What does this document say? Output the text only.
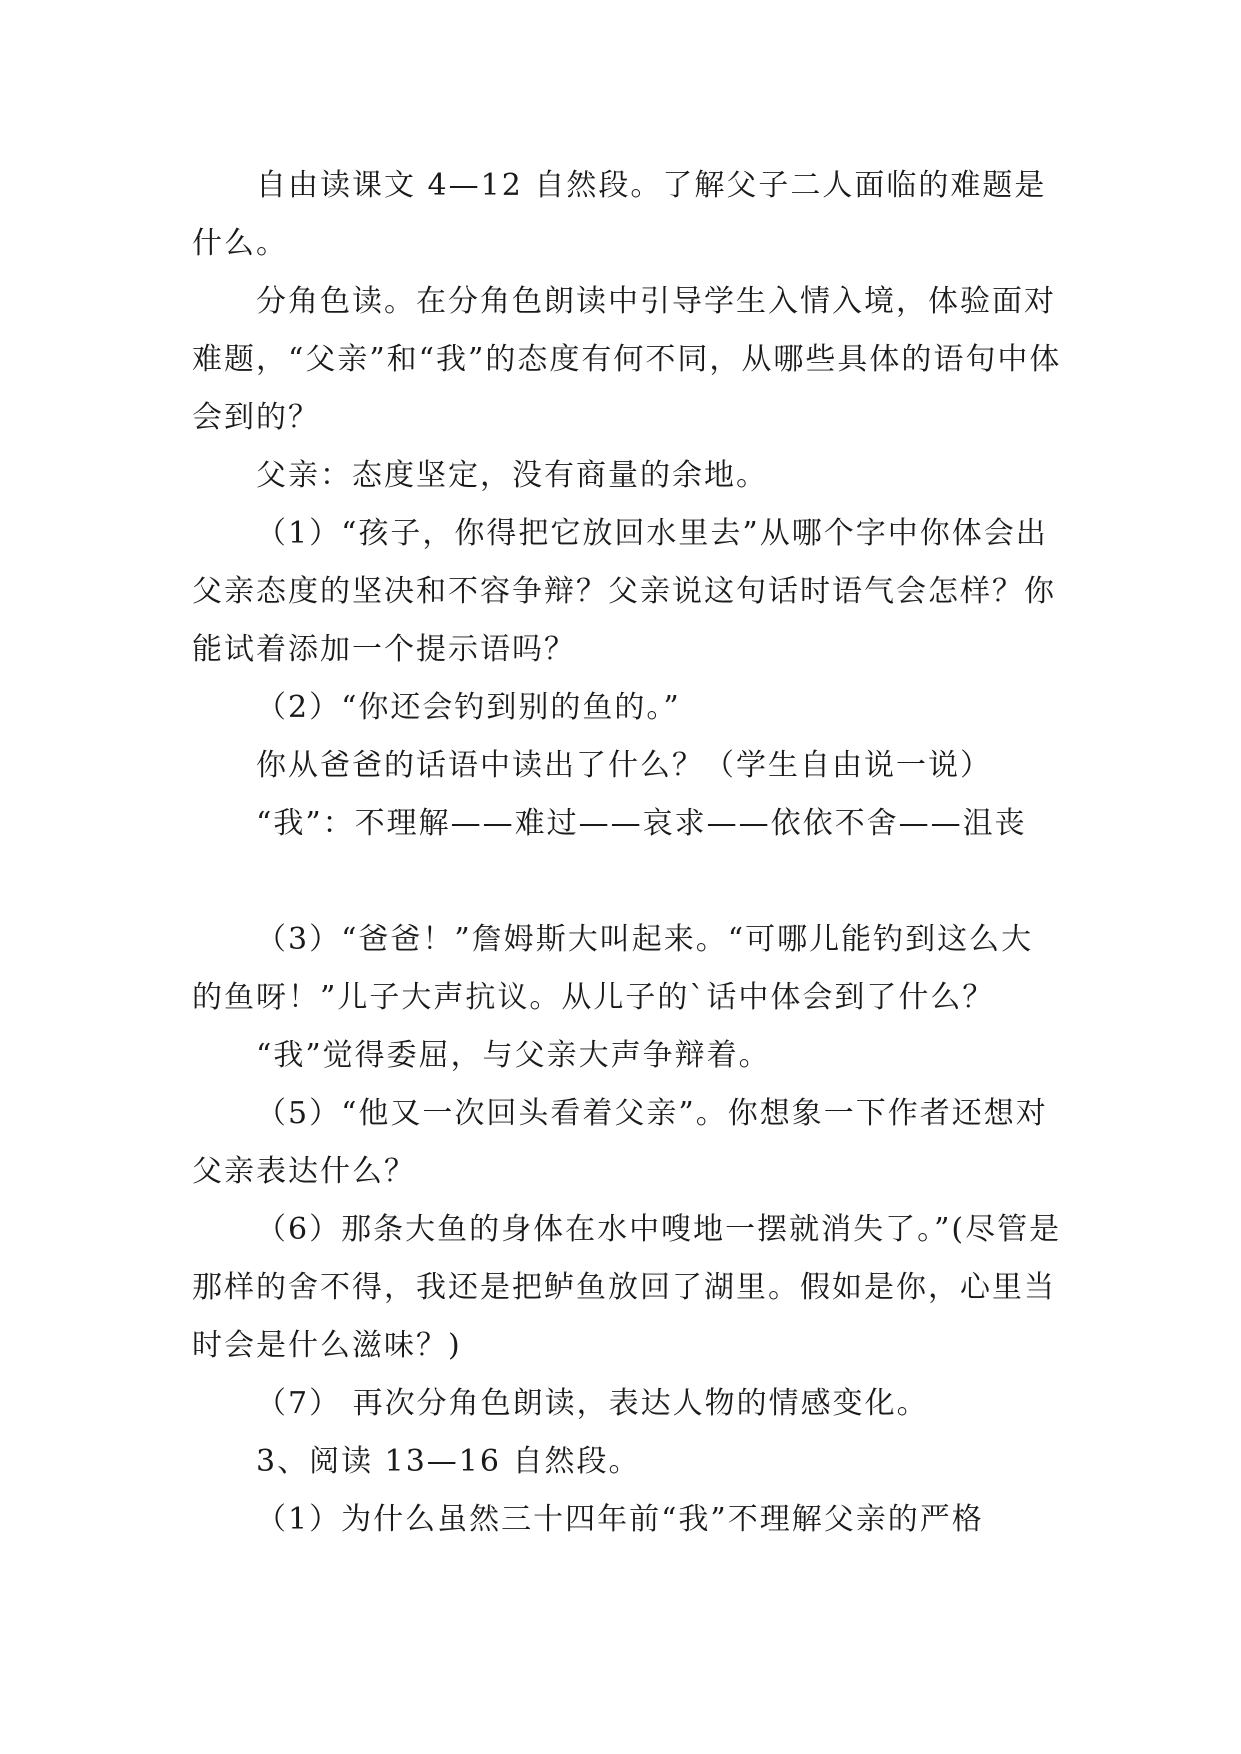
自由读课文 4—12 自然段。了解父子二人面临的难题是什么。

分角色读。在分角色朗读中引导学生入情入境，体验面对难题，“父亲”和“我”的态度有何不同，从哪些具体的语句中体会到的？

父亲：态度坚定，没有商量的余地。

（1）“孩子，你得把它放回水里去”从哪个字中你体会出父亲态度的坚决和不容争辩？父亲说这句话时语气会怎样？你能试着添加一个提示语吗？

（2）“你还会钓到别的鱼的。”

你从爸爸的话语中读出了什么？（学生自由说一说）

“我”：不理解——难过——哀求——依依不舍——沮丧

（3）“爸爸！”詹姆斯大叫起来。“可哪儿能钓到这么大的鱼呀！”儿子大声抗议。从儿子的`话中体会到了什么？

“我”觉得委屈，与父亲大声争辩着。

（5）“他又一次回头看着父亲”。你想象一下作者还想对父亲表达什么？

（6）那条大鱼的身体在水中嗖地一摆就消失了。”(尽管是那样的舍不得，我还是把鲈鱼放回了湖里。假如是你，心里当时会是什么滋味？)

（7） 再次分角色朗读，表达人物的情感变化。

3、阅读 13—16 自然段。

（1）为什么虽然三十四年前“我”不理解父亲的严格
